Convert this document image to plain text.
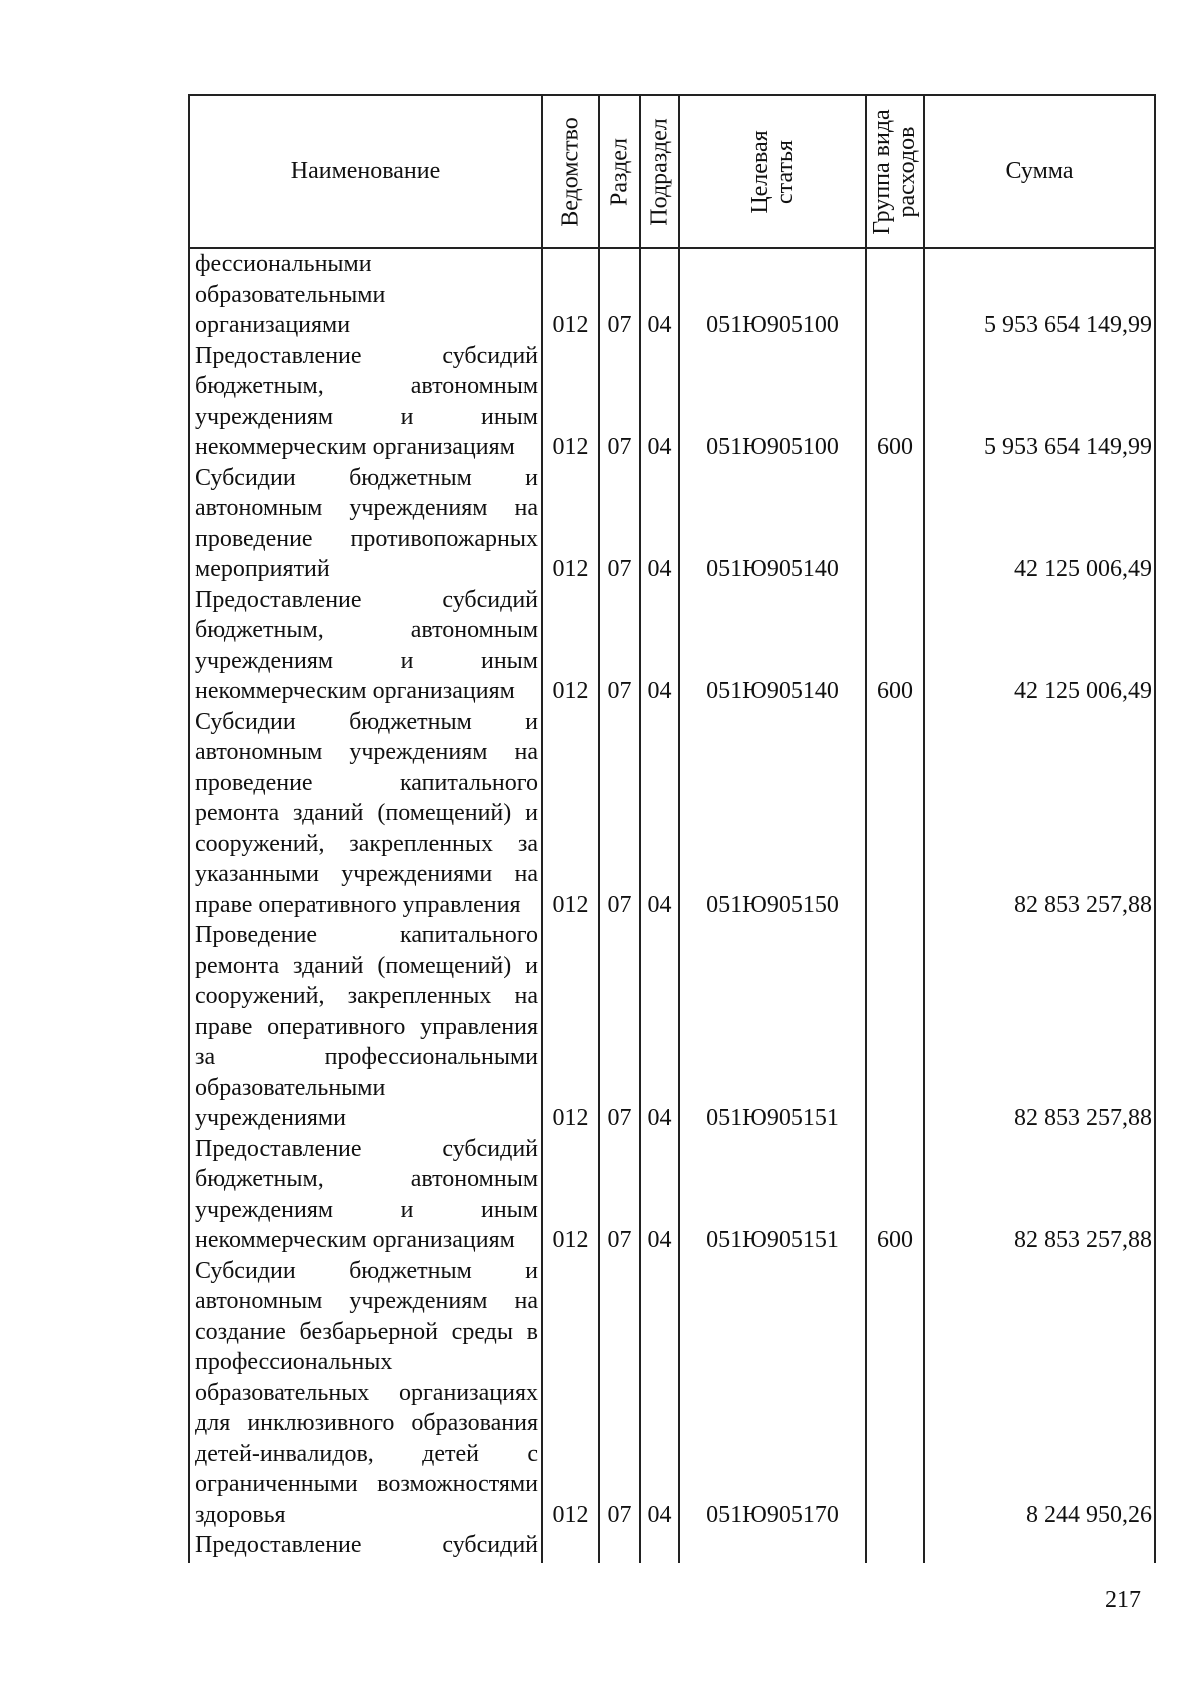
Наименование	Ведомство	Раздел	Подраздел	Целевая статья	Группа вида расходов	Сумма
фессиональными образовательными организациями	012	07	04	051Ю905100		5 953 654 149,99
Предоставление субсидий бюджетным, автономным учреждениям и иным некоммерческим организациям	012	07	04	051Ю905100	600	5 953 654 149,99
Субсидии бюджетным и автономным учреждениям на проведение противопожарных мероприятий	012	07	04	051Ю905140		42 125 006,49
Предоставление субсидий бюджетным, автономным учреждениям и иным некоммерческим организациям	012	07	04	051Ю905140	600	42 125 006,49
Субсидии бюджетным и автономным учреждениям на проведение капитального ремонта зданий (помещений) и сооружений, закрепленных за указанными учреждениями на праве оперативного управления	012	07	04	051Ю905150		82 853 257,88
Проведение капитального ремонта зданий (помещений) и сооружений, закрепленных на праве оперативного управления за профессиональными образовательными учреждениями	012	07	04	051Ю905151		82 853 257,88
Предоставление субсидий бюджетным, автономным учреждениям и иным некоммерческим организациям	012	07	04	051Ю905151	600	82 853 257,88
Субсидии бюджетным и автономным учреждениям на создание безбарьерной среды в профессиональных образовательных организациях для инклюзивного образования детей-инвалидов, детей с ограниченными возможностями здоровья	012	07	04	051Ю905170		8 244 950,26
Предоставление субсидий						
217
